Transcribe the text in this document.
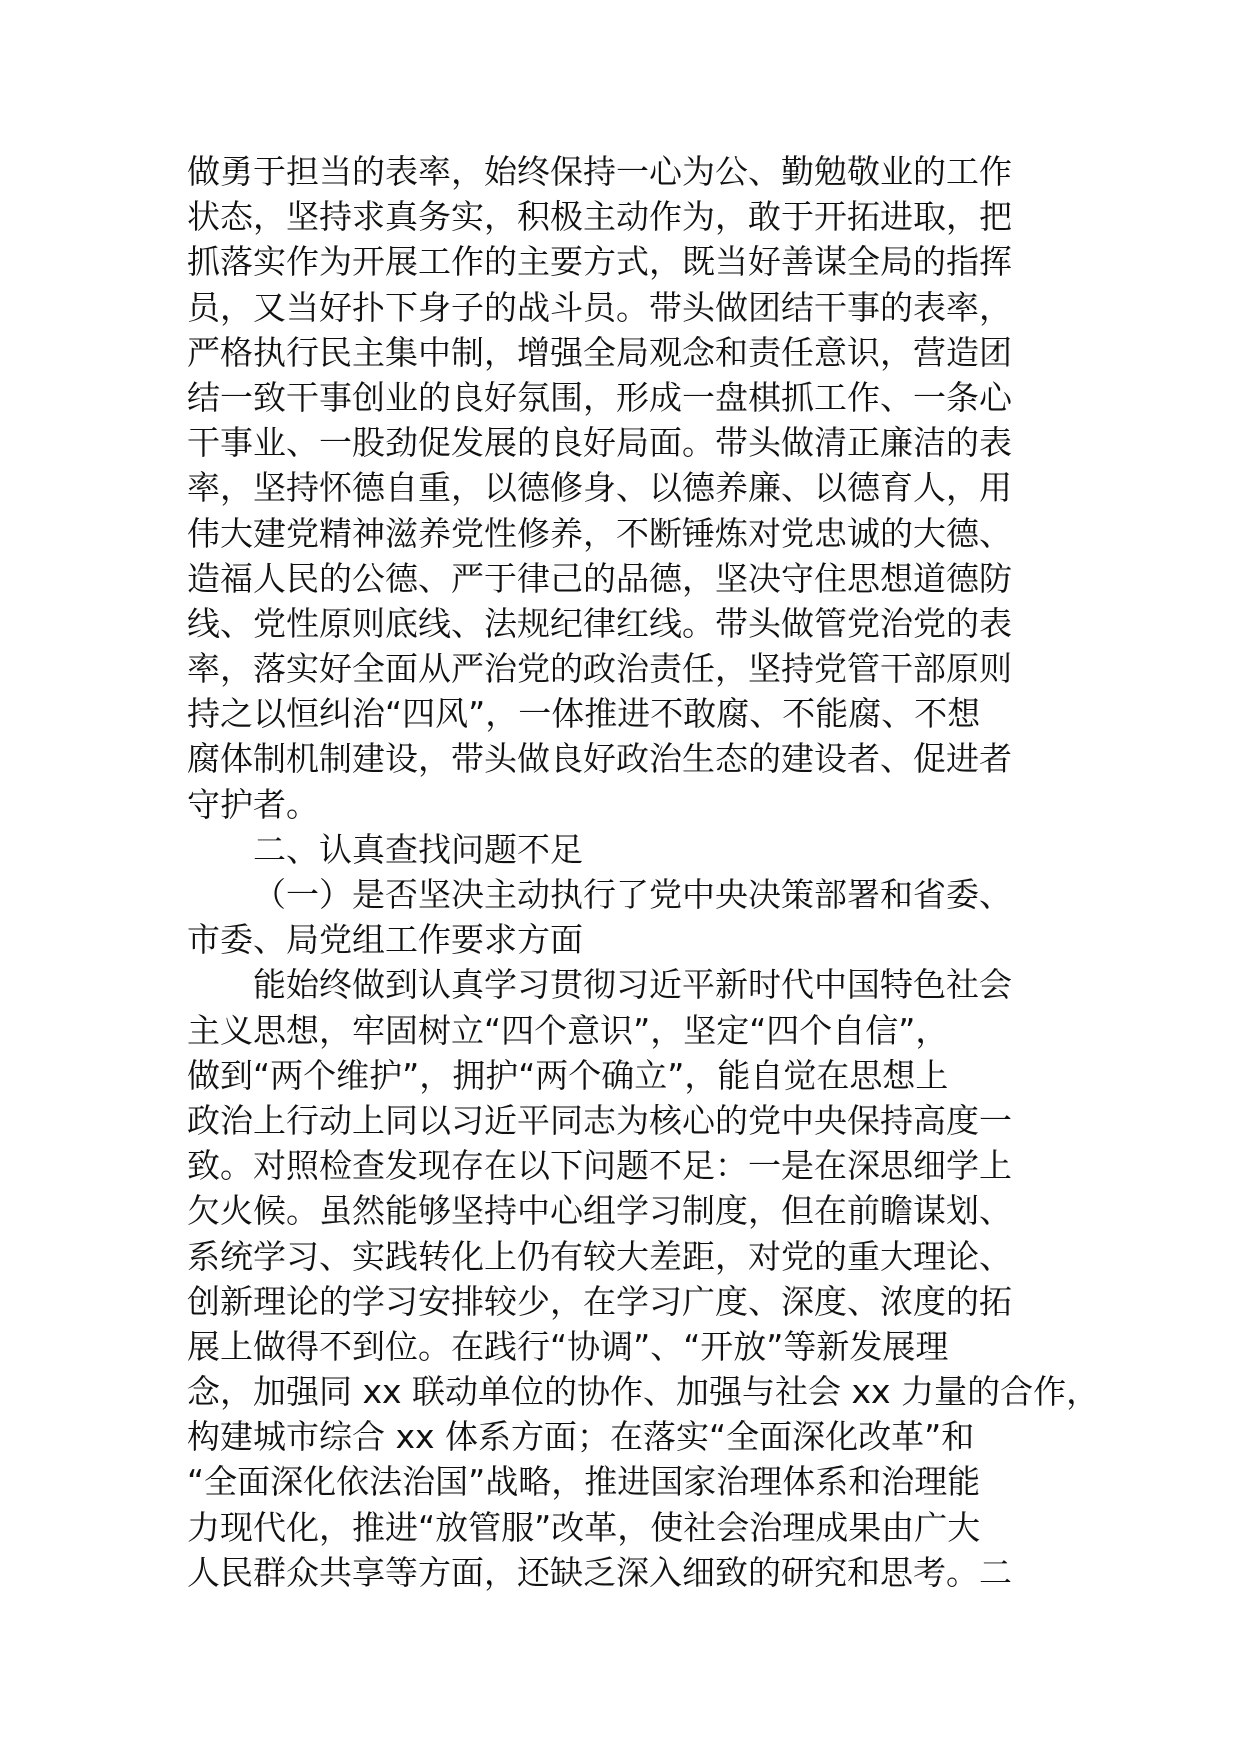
做勇于担当的表率，始终保持一心为公、勤勉敬业的工作
状态，坚持求真务实，积极主动作为，敢于开拓进取，把
抓落实作为开展工作的主要方式，既当好善谋全局的指挥
员，又当好扑下身子的战斗员。带头做团结干事的表率，
严格执行民主集中制，增强全局观念和责任意识，营造团
结一致干事创业的良好氛围，形成一盘棋抓工作、一条心
干事业、一股劲促发展的良好局面。带头做清正廉洁的表
率，坚持怀德自重，以德修身、以德养廉、以德育人，用
伟大建党精神滋养党性修养，不断锤炼对党忠诚的大德、
造福人民的公德、严于律己的品德，坚决守住思想道德防
线、党性原则底线、法规纪律红线。带头做管党治党的表
率，落实好全面从严治党的政治责任，坚持党管干部原则
持之以恒纠治“四风”，一体推进不敢腐、不能腐、不想
腐体制机制建设，带头做良好政治生态的建设者、促进者
守护者。
二、认真查找问题不足
（一）是否坚决主动执行了党中央决策部署和省委、
市委、局党组工作要求方面
能始终做到认真学习贯彻习近平新时代中国特色社会
主义思想，牢固树立“四个意识”，坚定“四个自信”，
做到“两个维护”，拥护“两个确立”，能自觉在思想上
政治上行动上同以习近平同志为核心的党中央保持高度一
致。对照检查发现存在以下问题不足：一是在深思细学上
欠火候。虽然能够坚持中心组学习制度，但在前瞻谋划、
系统学习、实践转化上仍有较大差距，对党的重大理论、
创新理论的学习安排较少，在学习广度、深度、浓度的拓
展上做得不到位。在践行“协调”、“开放”等新发展理
念，加强同 xx 联动单位的协作、加强与社会 xx 力量的合作，
构建城市综合 xx 体系方面；在落实“全面深化改革”和
“全面深化依法治国”战略，推进国家治理体系和治理能
力现代化，推进“放管服”改革，使社会治理成果由广大
人民群众共享等方面，还缺乏深入细致的研究和思考。二
